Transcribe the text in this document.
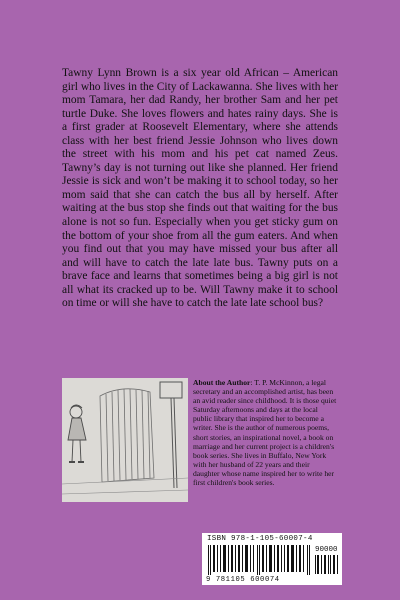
Tawny Lynn Brown is a six year old African – American girl who lives in the City of Lackawanna. She lives with her mom Tamara, her dad Randy, her brother Sam and her pet turtle Duke. She loves flowers and hates rainy days. She is a first grader at Roosevelt Elementary, where she attends class with her best friend Jessie Johnson who lives down the street with his mom and his pet cat named Zeus. Tawny’s day is not turning out like she planned. Her friend Jessie is sick and won’t be making it to school today, so her mom said that she can catch the bus all by herself. After waiting at the bus stop she finds out that waiting for the bus alone is not so fun. Especially when you get sticky gum on the bottom of your shoe from all the gum eaters. And when you find out that you may have missed your bus after all and will have to catch the late late bus. Tawny puts on a brave face and learns that sometimes being a big girl is not all what its cracked up to be. Will Tawny make it to school on time or will she have to catch the late late school bus?

About the Author: T. P. McKinnon, a legal secretary and an accomplished artist, has been an avid reader since childhood. It is those quiet Saturday afternoons and days at the local public library that inspired her to become a writer. She is the author of numerous poems, short stories, an inspirational novel, a book on marriage and her current project is a children's book series. She lives in Buffalo, New York with her husband of 22 years and their daughter whose name inspired her to write her first children's book series.

ISBN 978-1-105-60007-4
90000
9 781105 600074
